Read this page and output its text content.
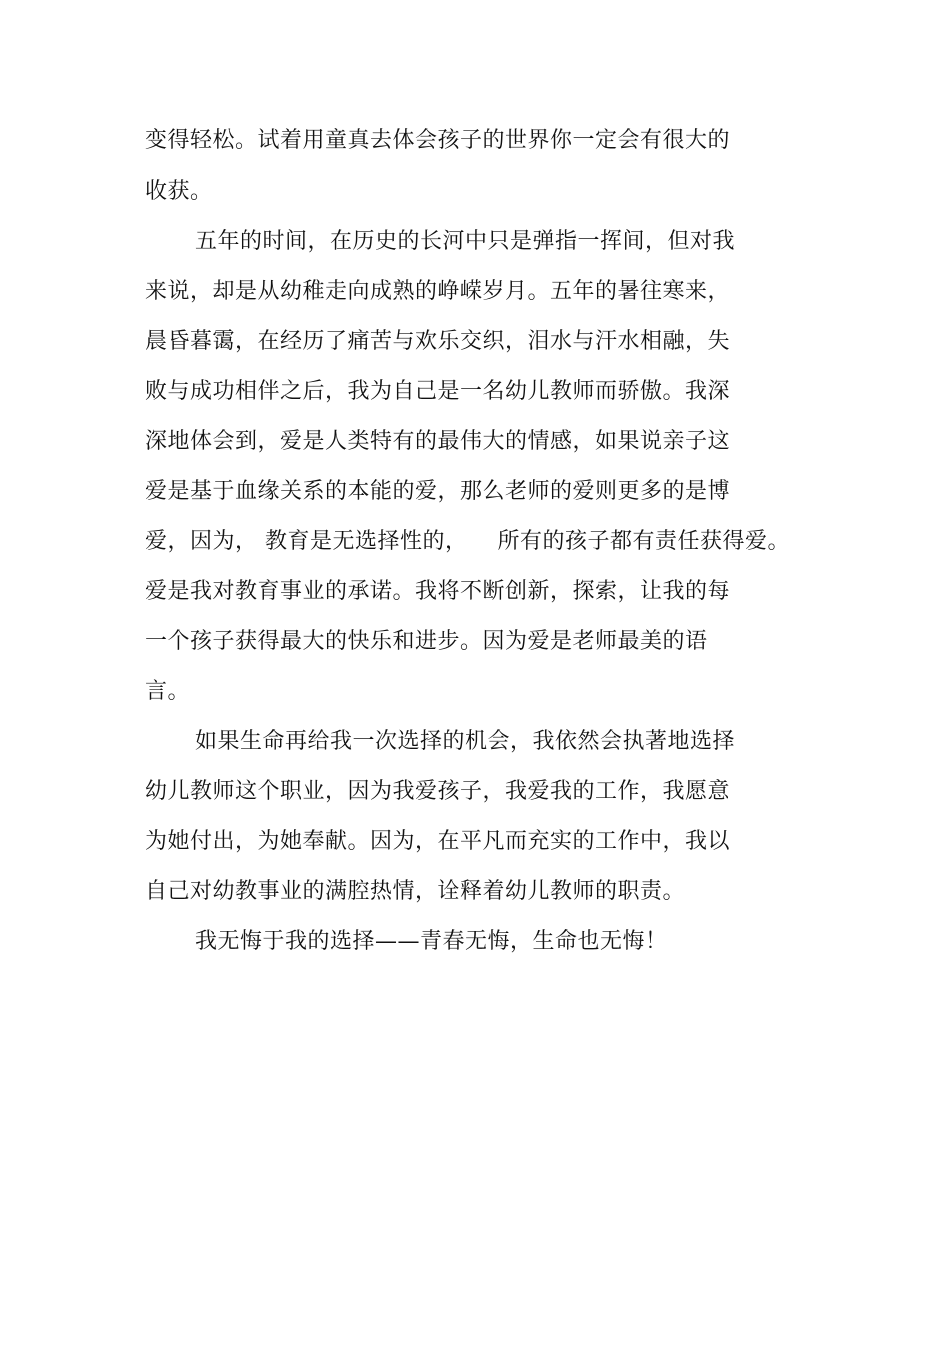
变得轻松。试着用童真去体会孩子的世界你一定会有很大的
收获。
五年的时间，在历史的长河中只是弹指一挥间，但对我
来说，却是从幼稚走向成熟的峥嵘岁月。五年的暑往寒来，
晨昏暮霭，在经历了痛苦与欢乐交织，泪水与汗水相融，失
败与成功相伴之后，我为自己是一名幼儿教师而骄傲。我深
深地体会到，爱是人类特有的最伟大的情感，如果说亲子这
爱是基于血缘关系的本能的爱，那么老师的爱则更多的是博
爱，因为， 教育是无选择性的，    所有的孩子都有责任获得爱。
爱是我对教育事业的承诺。我将不断创新，探索，让我的每
一个孩子获得最大的快乐和进步。因为爱是老师最美的语
言。
如果生命再给我一次选择的机会，我依然会执著地选择
幼儿教师这个职业，因为我爱孩子，我爱我的工作，我愿意
为她付出，为她奉献。因为，在平凡而充实的工作中，我以
自己对幼教事业的满腔热情，诠释着幼儿教师的职责。
我无悔于我的选择——青春无悔，生命也无悔！
